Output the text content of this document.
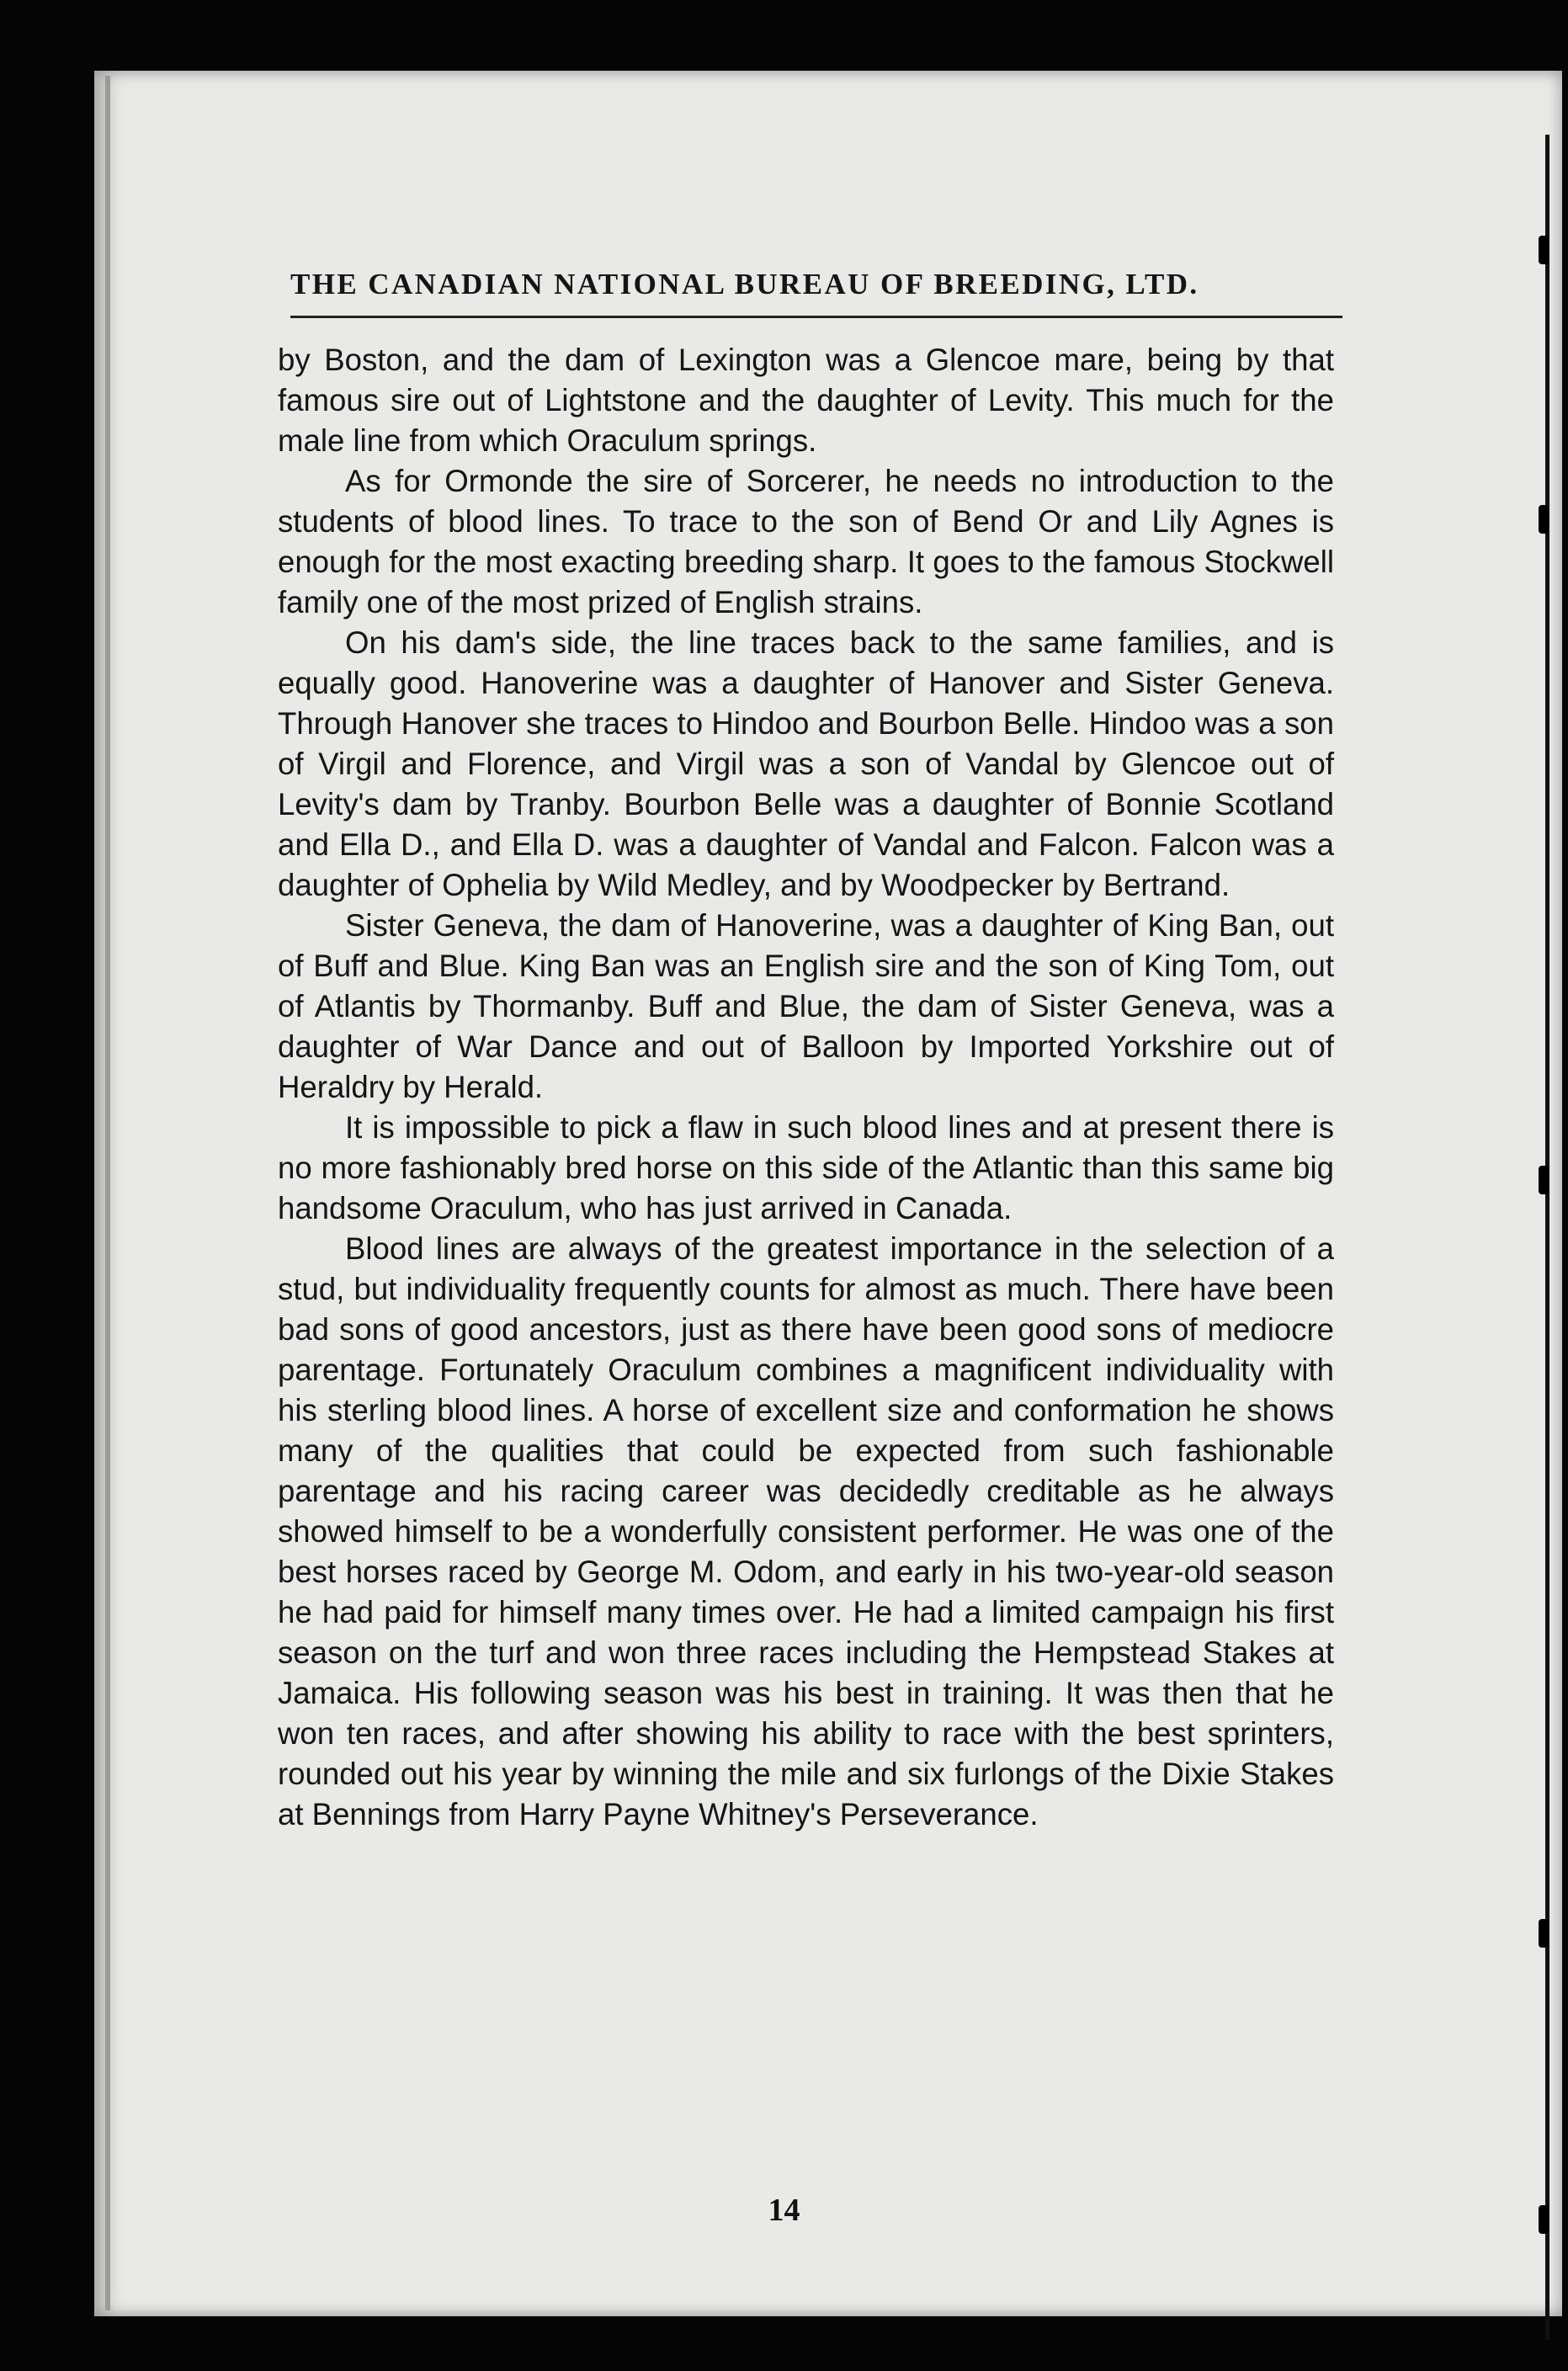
THE CANADIAN NATIONAL BUREAU OF BREEDING, LTD.

by Boston, and the dam of Lexington was a Glencoe mare, being by that famous sire out of Lightstone and the daughter of Levity. This much for the male line from which Oraculum springs.

As for Ormonde the sire of Sorcerer, he needs no introduction to the students of blood lines. To trace to the son of Bend Or and Lily Agnes is enough for the most exacting breeding sharp. It goes to the famous Stockwell family one of the most prized of English strains.

On his dam's side, the line traces back to the same families, and is equally good. Hanoverine was a daughter of Hanover and Sister Geneva. Through Hanover she traces to Hindoo and Bourbon Belle. Hindoo was a son of Virgil and Florence, and Virgil was a son of Vandal by Glencoe out of Levity's dam by Tranby. Bourbon Belle was a daughter of Bonnie Scotland and Ella D., and Ella D. was a daughter of Vandal and Falcon. Falcon was a daughter of Ophelia by Wild Medley, and by Woodpecker by Bertrand.

Sister Geneva, the dam of Hanoverine, was a daughter of King Ban, out of Buff and Blue. King Ban was an English sire and the son of King Tom, out of Atlantis by Thormanby. Buff and Blue, the dam of Sister Geneva, was a daughter of War Dance and out of Balloon by Imported Yorkshire out of Heraldry by Herald.

It is impossible to pick a flaw in such blood lines and at present there is no more fashionably bred horse on this side of the Atlantic than this same big handsome Oraculum, who has just arrived in Canada.

Blood lines are always of the greatest importance in the selection of a stud, but individuality frequently counts for almost as much. There have been bad sons of good ancestors, just as there have been good sons of mediocre parentage. Fortunately Oraculum combines a magnificent individuality with his sterling blood lines. A horse of excellent size and conformation he shows many of the qualities that could be expected from such fashionable parentage and his racing career was decidedly creditable as he always showed himself to be a wonderfully consistent performer. He was one of the best horses raced by George M. Odom, and early in his two-year-old season he had paid for himself many times over. He had a limited campaign his first season on the turf and won three races including the Hempstead Stakes at Jamaica. His following season was his best in training. It was then that he won ten races, and after showing his ability to race with the best sprinters, rounded out his year by winning the mile and six furlongs of the Dixie Stakes at Bennings from Harry Payne Whitney's Perseverance.

14
